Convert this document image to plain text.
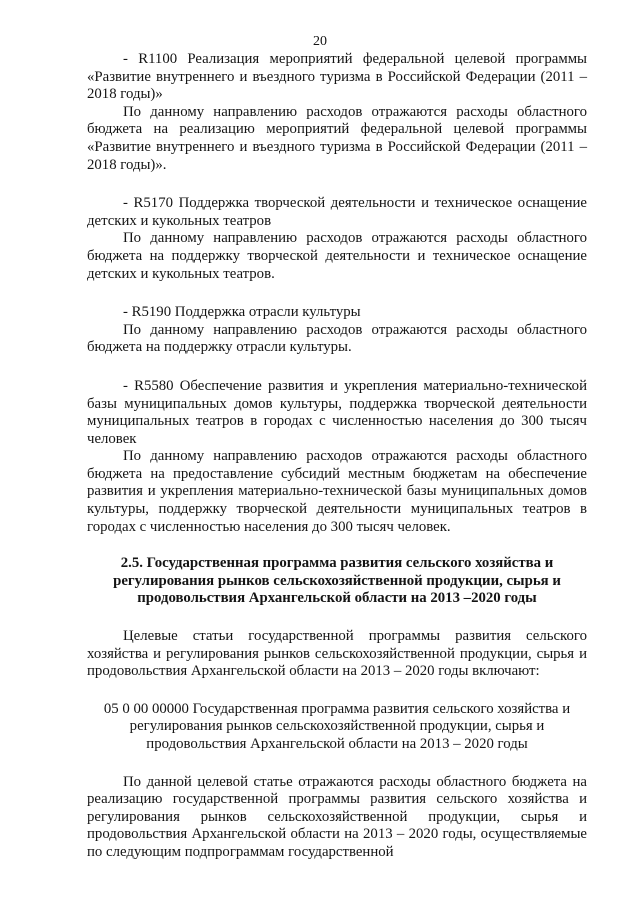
20

- R1100 Реализация мероприятий федеральной целевой программы «Развитие внутреннего и въездного туризма в Российской Федерации (2011 – 2018 годы)»

По данному направлению расходов отражаются расходы областного бюджета на реализацию мероприятий федеральной целевой программы «Развитие внутреннего и въездного туризма в Российской Федерации (2011 – 2018 годы)».

- R5170 Поддержка творческой деятельности и техническое оснащение детских и кукольных театров

По данному направлению расходов отражаются расходы областного бюджета на поддержку творческой деятельности и техническое оснащение детских и кукольных театров.

- R5190 Поддержка отрасли культуры

По данному направлению расходов отражаются расходы областного бюджета на поддержку отрасли культуры.

- R5580 Обеспечение развития и укрепления материально-технической базы муниципальных домов культуры, поддержка творческой деятельности муниципальных театров в городах с численностью населения до 300 тысяч человек

По данному направлению расходов отражаются расходы областного бюджета на предоставление субсидий местным бюджетам на обеспечение развития и укрепления материально-технической базы муниципальных домов культуры, поддержку творческой деятельности муниципальных театров в городах с численностью населения до 300 тысяч человек.

2.5. Государственная программа развития сельского хозяйства и регулирования рынков сельскохозяйственной продукции, сырья и продовольствия Архангельской области на 2013 –2020 годы

Целевые статьи государственной программы развития сельского хозяйства и регулирования рынков сельскохозяйственной продукции, сырья и продовольствия Архангельской области на 2013 – 2020 годы включают:

05 0 00 00000 Государственная программа развития сельского хозяйства и регулирования рынков сельскохозяйственной продукции, сырья и продовольствия Архангельской области на 2013 – 2020 годы

По данной целевой статье отражаются расходы областного бюджета на реализацию государственной программы развития сельского хозяйства и регулирования рынков сельскохозяйственной продукции, сырья и продовольствия Архангельской области на 2013 – 2020 годы, осуществляемые по следующим подпрограммам государственной
